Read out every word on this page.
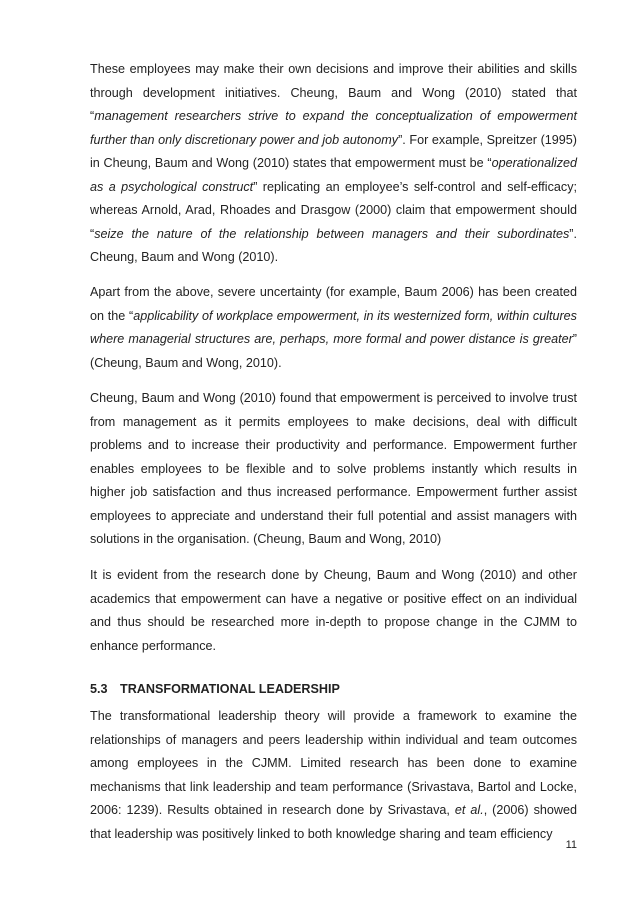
These employees may make their own decisions and improve their abilities and skills through development initiatives. Cheung, Baum and Wong (2010) stated that “management researchers strive to expand the conceptualization of empowerment further than only discretionary power and job autonomy”. For example, Spreitzer (1995) in Cheung, Baum and Wong (2010) states that empowerment must be “operationalized as a psychological construct” replicating an employee’s self-control and self-efficacy; whereas Arnold, Arad, Rhoades and Drasgow (2000) claim that empowerment should “seize the nature of the relationship between managers and their subordinates”. Cheung, Baum and Wong (2010).

Apart from the above, severe uncertainty (for example, Baum 2006) has been created on the “applicability of workplace empowerment, in its westernized form, within cultures where managerial structures are, perhaps, more formal and power distance is greater” (Cheung, Baum and Wong, 2010).

Cheung, Baum and Wong (2010) found that empowerment is perceived to involve trust from management as it permits employees to make decisions, deal with difficult problems and to increase their productivity and performance. Empowerment further enables employees to be flexible and to solve problems instantly which results in higher job satisfaction and thus increased performance. Empowerment further assist employees to appreciate and understand their full potential and assist managers with solutions in the organisation. (Cheung, Baum and Wong, 2010)

It is evident from the research done by Cheung, Baum and Wong (2010) and other academics that empowerment can have a negative or positive effect on an individual and thus should be researched more in-depth to propose change in the CJMM to enhance performance.

5.3 TRANSFORMATIONAL LEADERSHIP

The transformational leadership theory will provide a framework to examine the relationships of managers and peers leadership within individual and team outcomes among employees in the CJMM. Limited research has been done to examine mechanisms that link leadership and team performance (Srivastava, Bartol and Locke, 2006: 1239). Results obtained in research done by Srivastava, et al., (2006) showed that leadership was positively linked to both knowledge sharing and team efficiency

11
